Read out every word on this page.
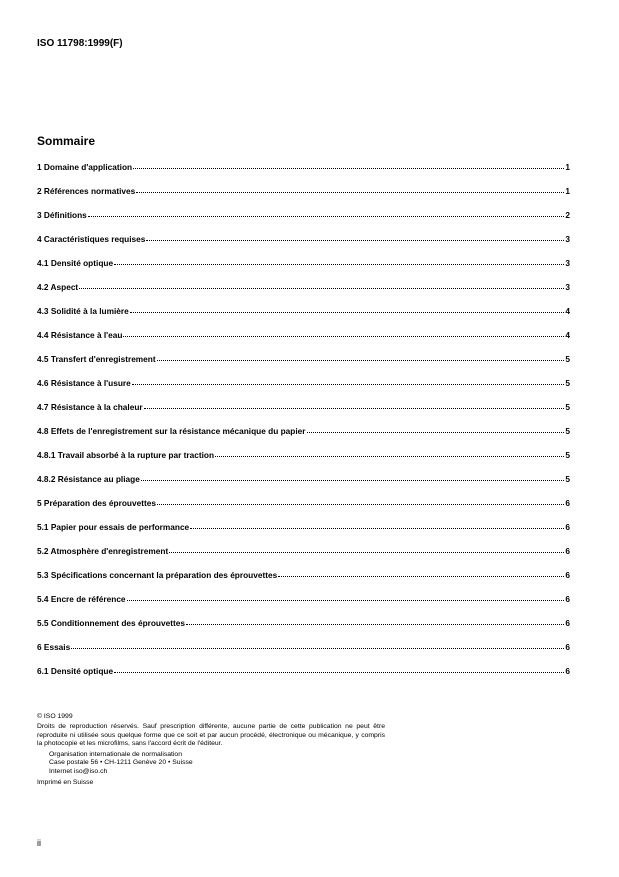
ISO 11798:1999(F)
Sommaire
1 Domaine d'application	1
2 Références normatives	1
3 Définitions	2
4 Caractéristiques requises	3
4.1 Densité optique	3
4.2 Aspect	3
4.3 Solidité à la lumière	4
4.4 Résistance à l'eau	4
4.5 Transfert d'enregistrement	5
4.6 Résistance à l'usure	5
4.7 Résistance à la chaleur	5
4.8 Effets de l'enregistrement sur la résistance mécanique du papier	5
4.8.1 Travail absorbé à la rupture par traction	5
4.8.2 Résistance au pliage	5
5 Préparation des éprouvettes	6
5.1 Papier pour essais de performance	6
5.2 Atmosphère d'enregistrement	6
5.3 Spécifications concernant la préparation des éprouvettes	6
5.4 Encre de référence	6
5.5 Conditionnement des éprouvettes	6
6 Essais	6
6.1 Densité optique	6

© ISO 1999

Droits de reproduction réservés. Sauf prescription différente, aucune partie de cette publication ne peut être reproduite ni utilisée sous quelque forme que ce soit et par aucun procédé, électronique ou mécanique, y compris la photocopie et les microfilms, sans l'accord écrit de l'éditeur.

Organisation internationale de normalisation

Case postale 56 • CH-1211 Genève 20 • Suisse

Internet iso@iso.ch

Imprimé en Suisse

ii
